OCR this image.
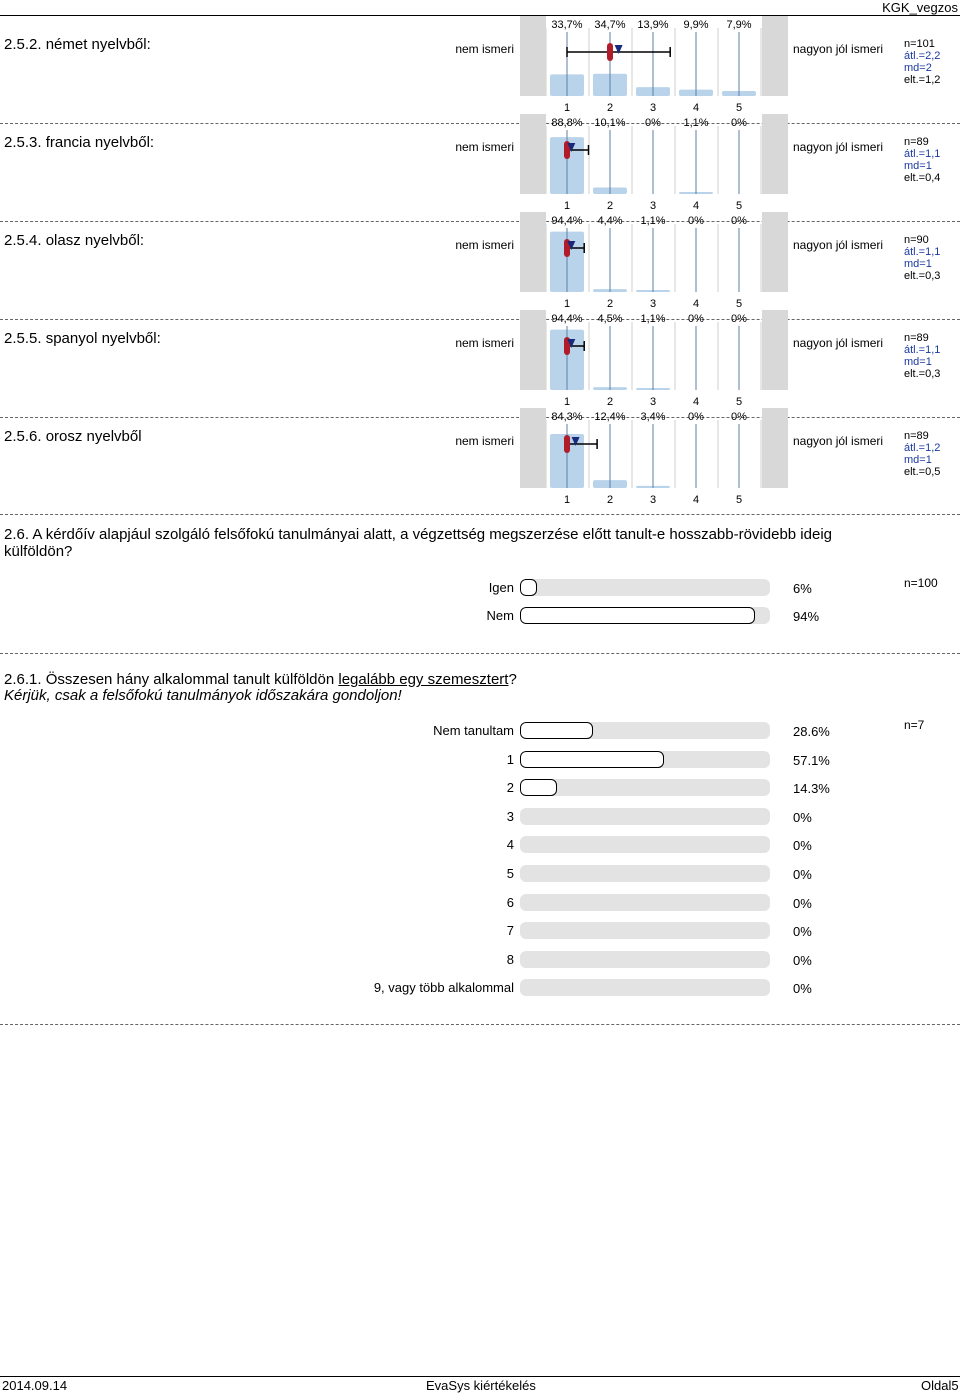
KGK_vegzos
2.5.2. német nyelvből:	nem ismeri
33,7% 34,7% 13,9% 9,9% 7,9%
1	2	3	4	5
nagyon jól ismeri n=101
átl.=2,2
md=2
elt.=1,2
2.5.3. francia nyelvből:	nem ismeri
88,8% 10,1% 0% 1,1% 0%
1	2	3	4	5
nagyon jól ismeri n=89
átl.=1,1
md=1
elt.=0,4
2.5.4. olasz nyelvből:	nem ismeri
94,4% 4,4% 1,1% 0% 0%
1	2	3	4	5
nagyon jól ismeri n=90
átl.=1,1
md=1
elt.=0,3
2.5.5. spanyol nyelvből:	nem ismeri
94,4% 4,5% 1,1% 0% 0%
1	2	3	4	5
nagyon jól ismeri n=89
átl.=1,1
md=1
elt.=0,3
2.5.6. orosz nyelvből	nem ismeri
84,3% 12,4% 3,4% 0% 0%
1	2	3	4	5
nagyon jól ismeri n=89
átl.=1,2
md=1
elt.=0,5
2.6. A kérdőív alapjául szolgáló felsőfokú tanulmányai alatt, a végzettség megszerzése előtt tanult-e hosszabb-rövidebb ideig külföldön?
Igen	6%
Nem	94%
n=100
2.6.1. Összesen hány alkalommal tanult külföldön legalább egy szemesztert?
Kérjük, csak a felsőfokú tanulmányok időszakára gondoljon!
Nem tanultam	28.6%
1	57.1%
2	14.3%
3	0%
4	0%
5	0%
6	0%
7	0%
8	0%
9, vagy több alkalommal	0%
n=7
2014.09.14	EvaSys kiértékelés	Oldal5
